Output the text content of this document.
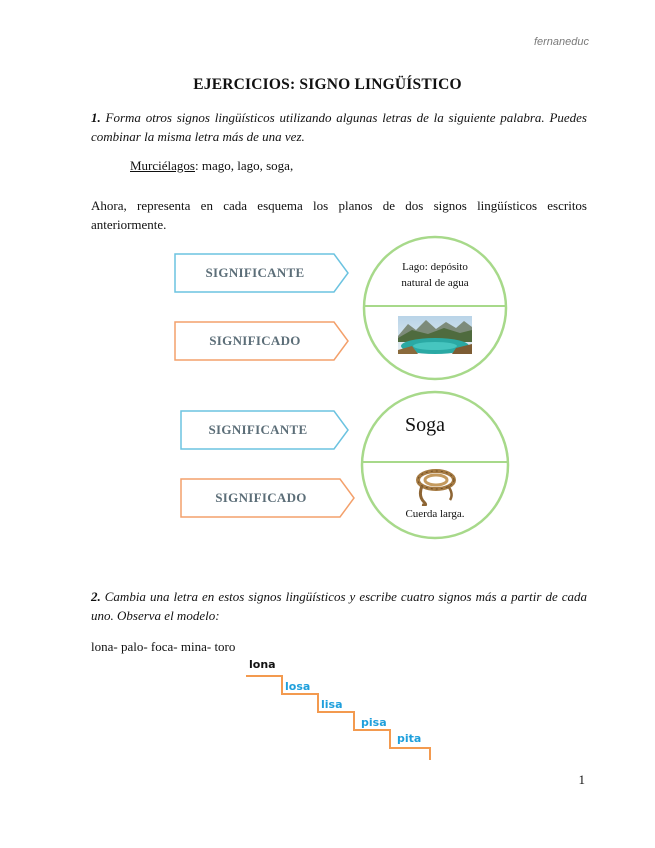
fernaneduc
EJERCICIOS: SIGNO LINGÜÍSTICO
1. Forma otros signos lingüísticos utilizando algunas letras de la siguiente palabra. Puedes combinar la misma letra más de una vez.
Murciélagos: mago, lago, soga,
Ahora, representa en cada esquema los planos de dos signos lingüísticos escritos anteriormente.
SIGNIFICANTE
SIGNIFICADO
Lago: depósito
natural de agua
SIGNIFICANTE
SIGNIFICADO
Soga
Cuerda larga.
2. Cambia una letra en estos signos lingüísticos y escribe cuatro signos más a partir de cada uno. Observa el modelo:
lona- palo- foca- mina- toro
lona
losa
lisa
pisa
pita
1
